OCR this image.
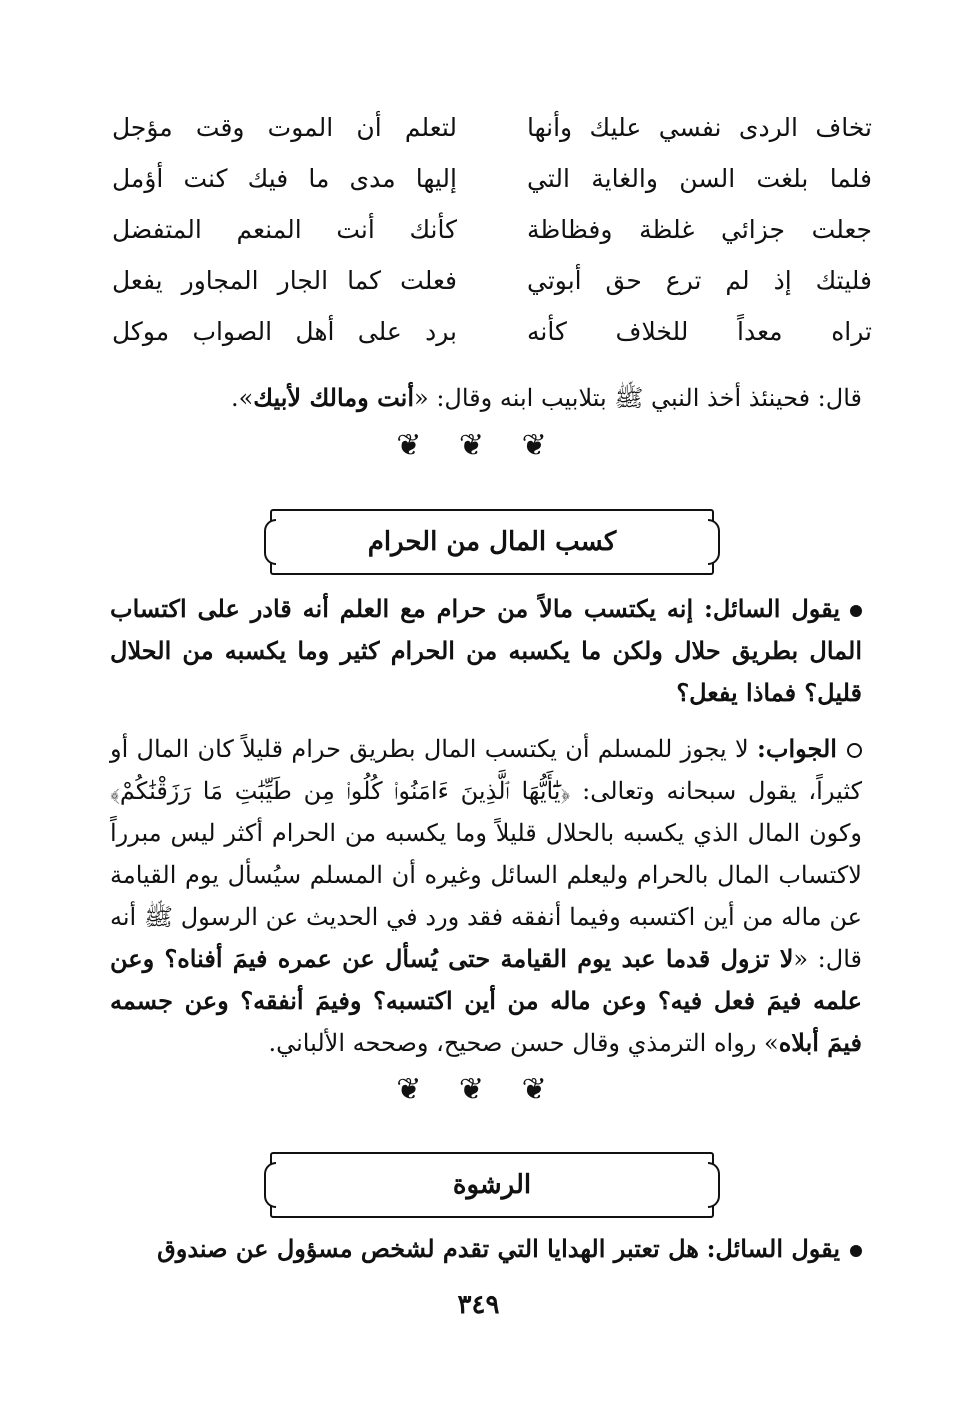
تخاف الردى نفسي عليك وأنها
لتعلم أن الموت وقت مؤجل
فلما بلغت السن والغاية التي
إليها مدى ما فيك كنت أؤمل
جعلت جزائي غلظة وفظاظة
كأنك أنت المنعم المتفضل
فليتك إذ لم ترع حق أبوتي
فعلت كما الجار المجاور يفعل
تراه معداً للخلاف كأنه
برد على أهل الصواب موكل
قال: فحينئذ أخذ النبي ﷺ بتلابيب ابنه وقال: «أنت ومالك لأبيك».
❦ ❦ ❦
كسب المال من الحرام
يقول السائل: إنه يكتسب مالاً من حرام مع العلم أنه قادر على اكتساب المال بطريق حلال ولكن ما يكسبه من الحرام كثير وما يكسبه من الحلال قليل؟ فماذا يفعل؟
الجواب: لا يجوز للمسلم أن يكتسب المال بطريق حرام قليلاً كان المال أو كثيراً، يقول سبحانه وتعالى: ﴿يَٰٓأَيُّهَا ٱلَّذِينَ ءَامَنُوا۟ كُلُوا۟ مِن طَيِّبَٰتِ مَا رَزَقْنَٰكُمْ﴾ وكون المال الذي يكسبه بالحلال قليلاً وما يكسبه من الحرام أكثر ليس مبرراً لاكتساب المال بالحرام وليعلم السائل وغيره أن المسلم سيُسأل يوم القيامة عن ماله من أين اكتسبه وفيما أنفقه فقد ورد في الحديث عن الرسول ﷺ أنه قال: «لا تزول قدما عبد يوم القيامة حتى يُسأل عن عمره فيمَ أفناه؟ وعن علمه فيمَ فعل فيه؟ وعن ماله من أين اكتسبه؟ وفيمَ أنفقه؟ وعن جسمه فيمَ أبلاه» رواه الترمذي وقال حسن صحيح، وصححه الألباني.
❦ ❦ ❦
الرشوة
يقول السائل: هل تعتبر الهدايا التي تقدم لشخص مسؤول عن صندوق
٣٤٩
